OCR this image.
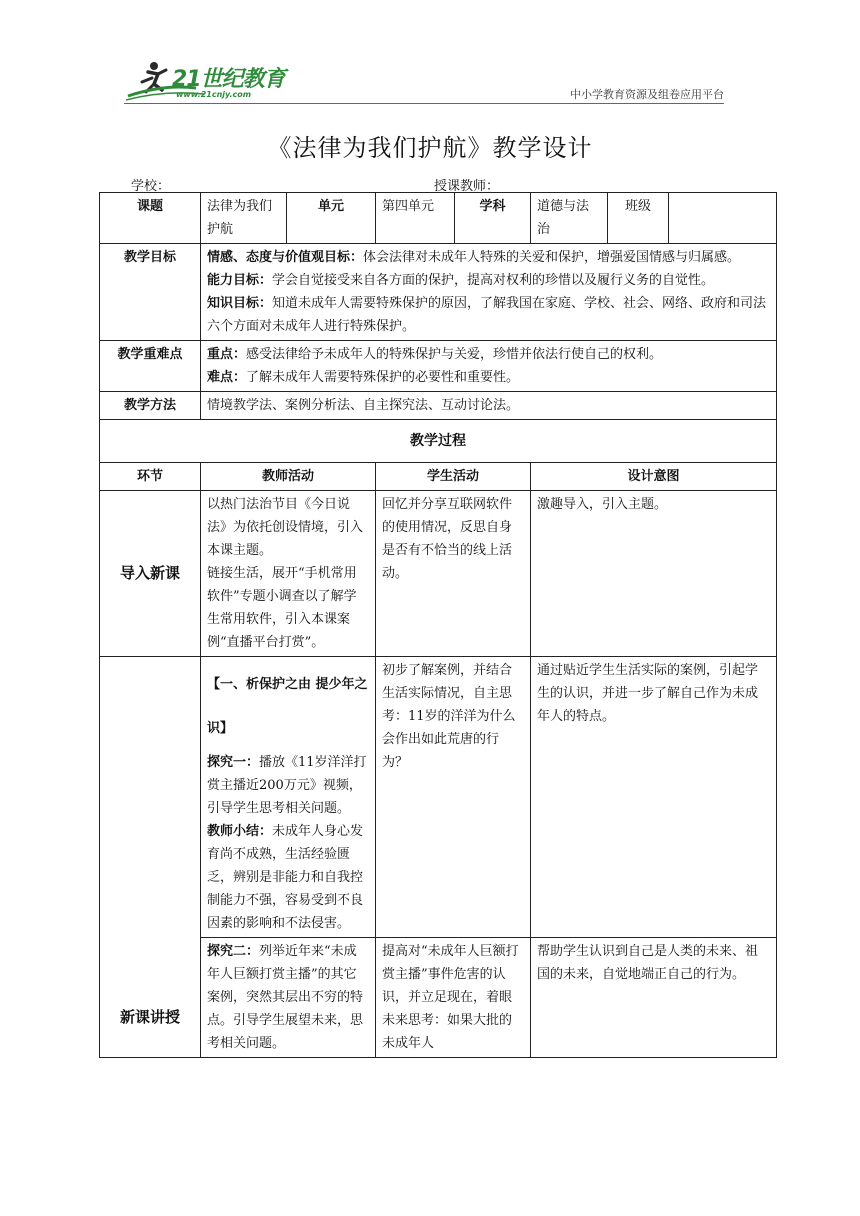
21世纪教育
www.21cnjy.com	中小学教育资源及组卷应用平台
《法律为我们护航》教学设计
学校：	授课教师：
课题	法律为我们护航	单元	第四单元	学科	道德与法治	班级	
教学目标	情感、态度与价值观目标：体会法律对未成年人特殊的关爱和保护，增强爱国情感与归属感。
能力目标：学会自觉接受来自各方面的保护，提高对权利的珍惜以及履行义务的自觉性。
知识目标：知道未成年人需要特殊保护的原因，了解我国在家庭、学校、社会、网络、政府和司法六个方面对未成年人进行特殊保护。						

教学重难点	重点：感受法律给予未成年人的特殊保护与关爱，珍惜并依法行使自己的权利。
难点：了解未成年人需要特殊保护的必要性和重要性。						

教学方法	情境教学法、案例分析法、自主探究法、互动讨论法。						
教学过程							
环节	教师活动		学生活动		设计意图		
导入新课	以热门法治节目《今日说法》为依托创设情境，引入本课主题。
链接生活，展开“手机常用软件”专题小调查以了解学生常用软件，引入本课案例“直播平台打赏”。		回忆并分享互联网软件的使用情况，反思自身是否有不恰当的线上活动。		激趣导入，引入主题。		
新课讲授	【一、析保护之由 提少年之识】
探究一：播放《11岁洋洋打赏主播近200万元》视频，引导学生思考相关问题。
教师小结：未成年人身心发育尚不成熟，生活经验匮乏，辨别是非能力和自我控制能力不强，容易受到不良因素的影响和不法侵害。		初步了解案例，并结合生活实际情况，自主思考：11岁的洋洋为什么会作出如此荒唐的行为？		通过贴近学生生活实际的案例，引起学生的认识，并进一步了解自己作为未成年人的特点。		
	探究二：列举近年来“未成年人巨额打赏主播”的其它案例，突然其层出不穷的特点。引导学生展望未来，思考相关问题。		提高对“未成年人巨额打赏主播”事件危害的认识，并立足现在，着眼未来思考：如果大批的未成年人		帮助学生认识到自己是人类的未来、祖国的未来，自觉地端正自己的行为。		
